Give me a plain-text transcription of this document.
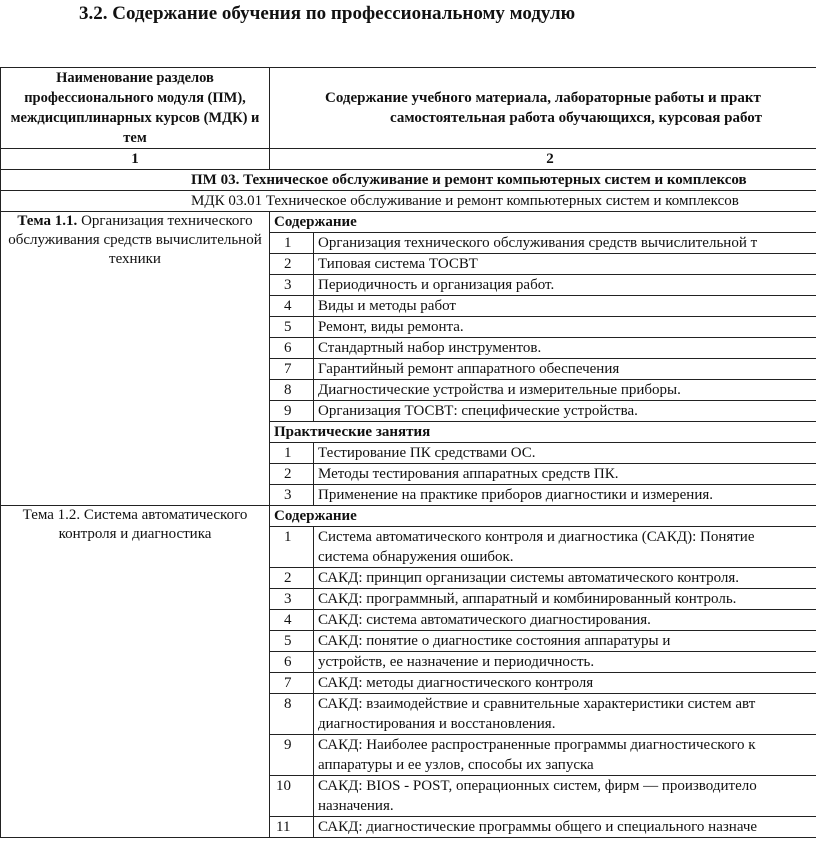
3.2. Содержание обучения по профессиональному модулю
Наименование разделов профессионального модуля (ПМ), междисциплинарных курсов (МДК) и тем	Содержание учебного материала, лабораторные работы и практ
самостоятельная работа обучающихся, курсовая работ	

1	2	
ПМ 03. Техническое обслуживание и ремонт компьютерных систем и комплексов		
МДК 03.01 Техническое обслуживание и ремонт компьютерных систем и комплексов		
Тема 1.1. Организация технического обслуживания средств вычислительной техники	Содержание	
	1	Организация технического обслуживания средств вычислительной т
	2	Типовая система ТОСВТ
	3	Периодичность и организация работ.
	4	Виды и методы работ
	5	Ремонт, виды ремонта.
	6	Стандартный набор инструментов.
	7	Гарантийный ремонт аппаратного обеспечения
	8	Диагностические устройства и измерительные приборы.
	9	Организация ТОСВТ: специфические устройства.
	Практические занятия	
	1	Тестирование ПК средствами ОС.
	2	Методы тестирования аппаратных средств ПК.
	3	Применение на практике приборов диагностики и измерения.
Тема 1.2. Система автоматического контроля и диагностика	Содержание	
	1	Система автоматического контроля и диагностика (САКД): Понятие
система обнаружения ошибок.

	2	САКД: принцип организации системы автоматического контроля.
	3	САКД: программный, аппаратный и комбинированный контроль.
	4	САКД: система автоматического диагностирования.
	5	САКД: понятие о диагностике состояния аппаратуры и
	6	устройств, ее назначение и периодичность.
	7	САКД: методы диагностического контроля
	8	САКД: взаимодействие и сравнительные характеристики систем авт
диагностирования и восстановления.

	9	САКД: Наиболее распространенные программы диагностического к
аппаратуры и ее узлов, способы их запуска

	10	САКД: BIOS - POST, операционных систем, фирм — производитело
назначения.

	11	САКД: диагностические программы общего и специального назначе
